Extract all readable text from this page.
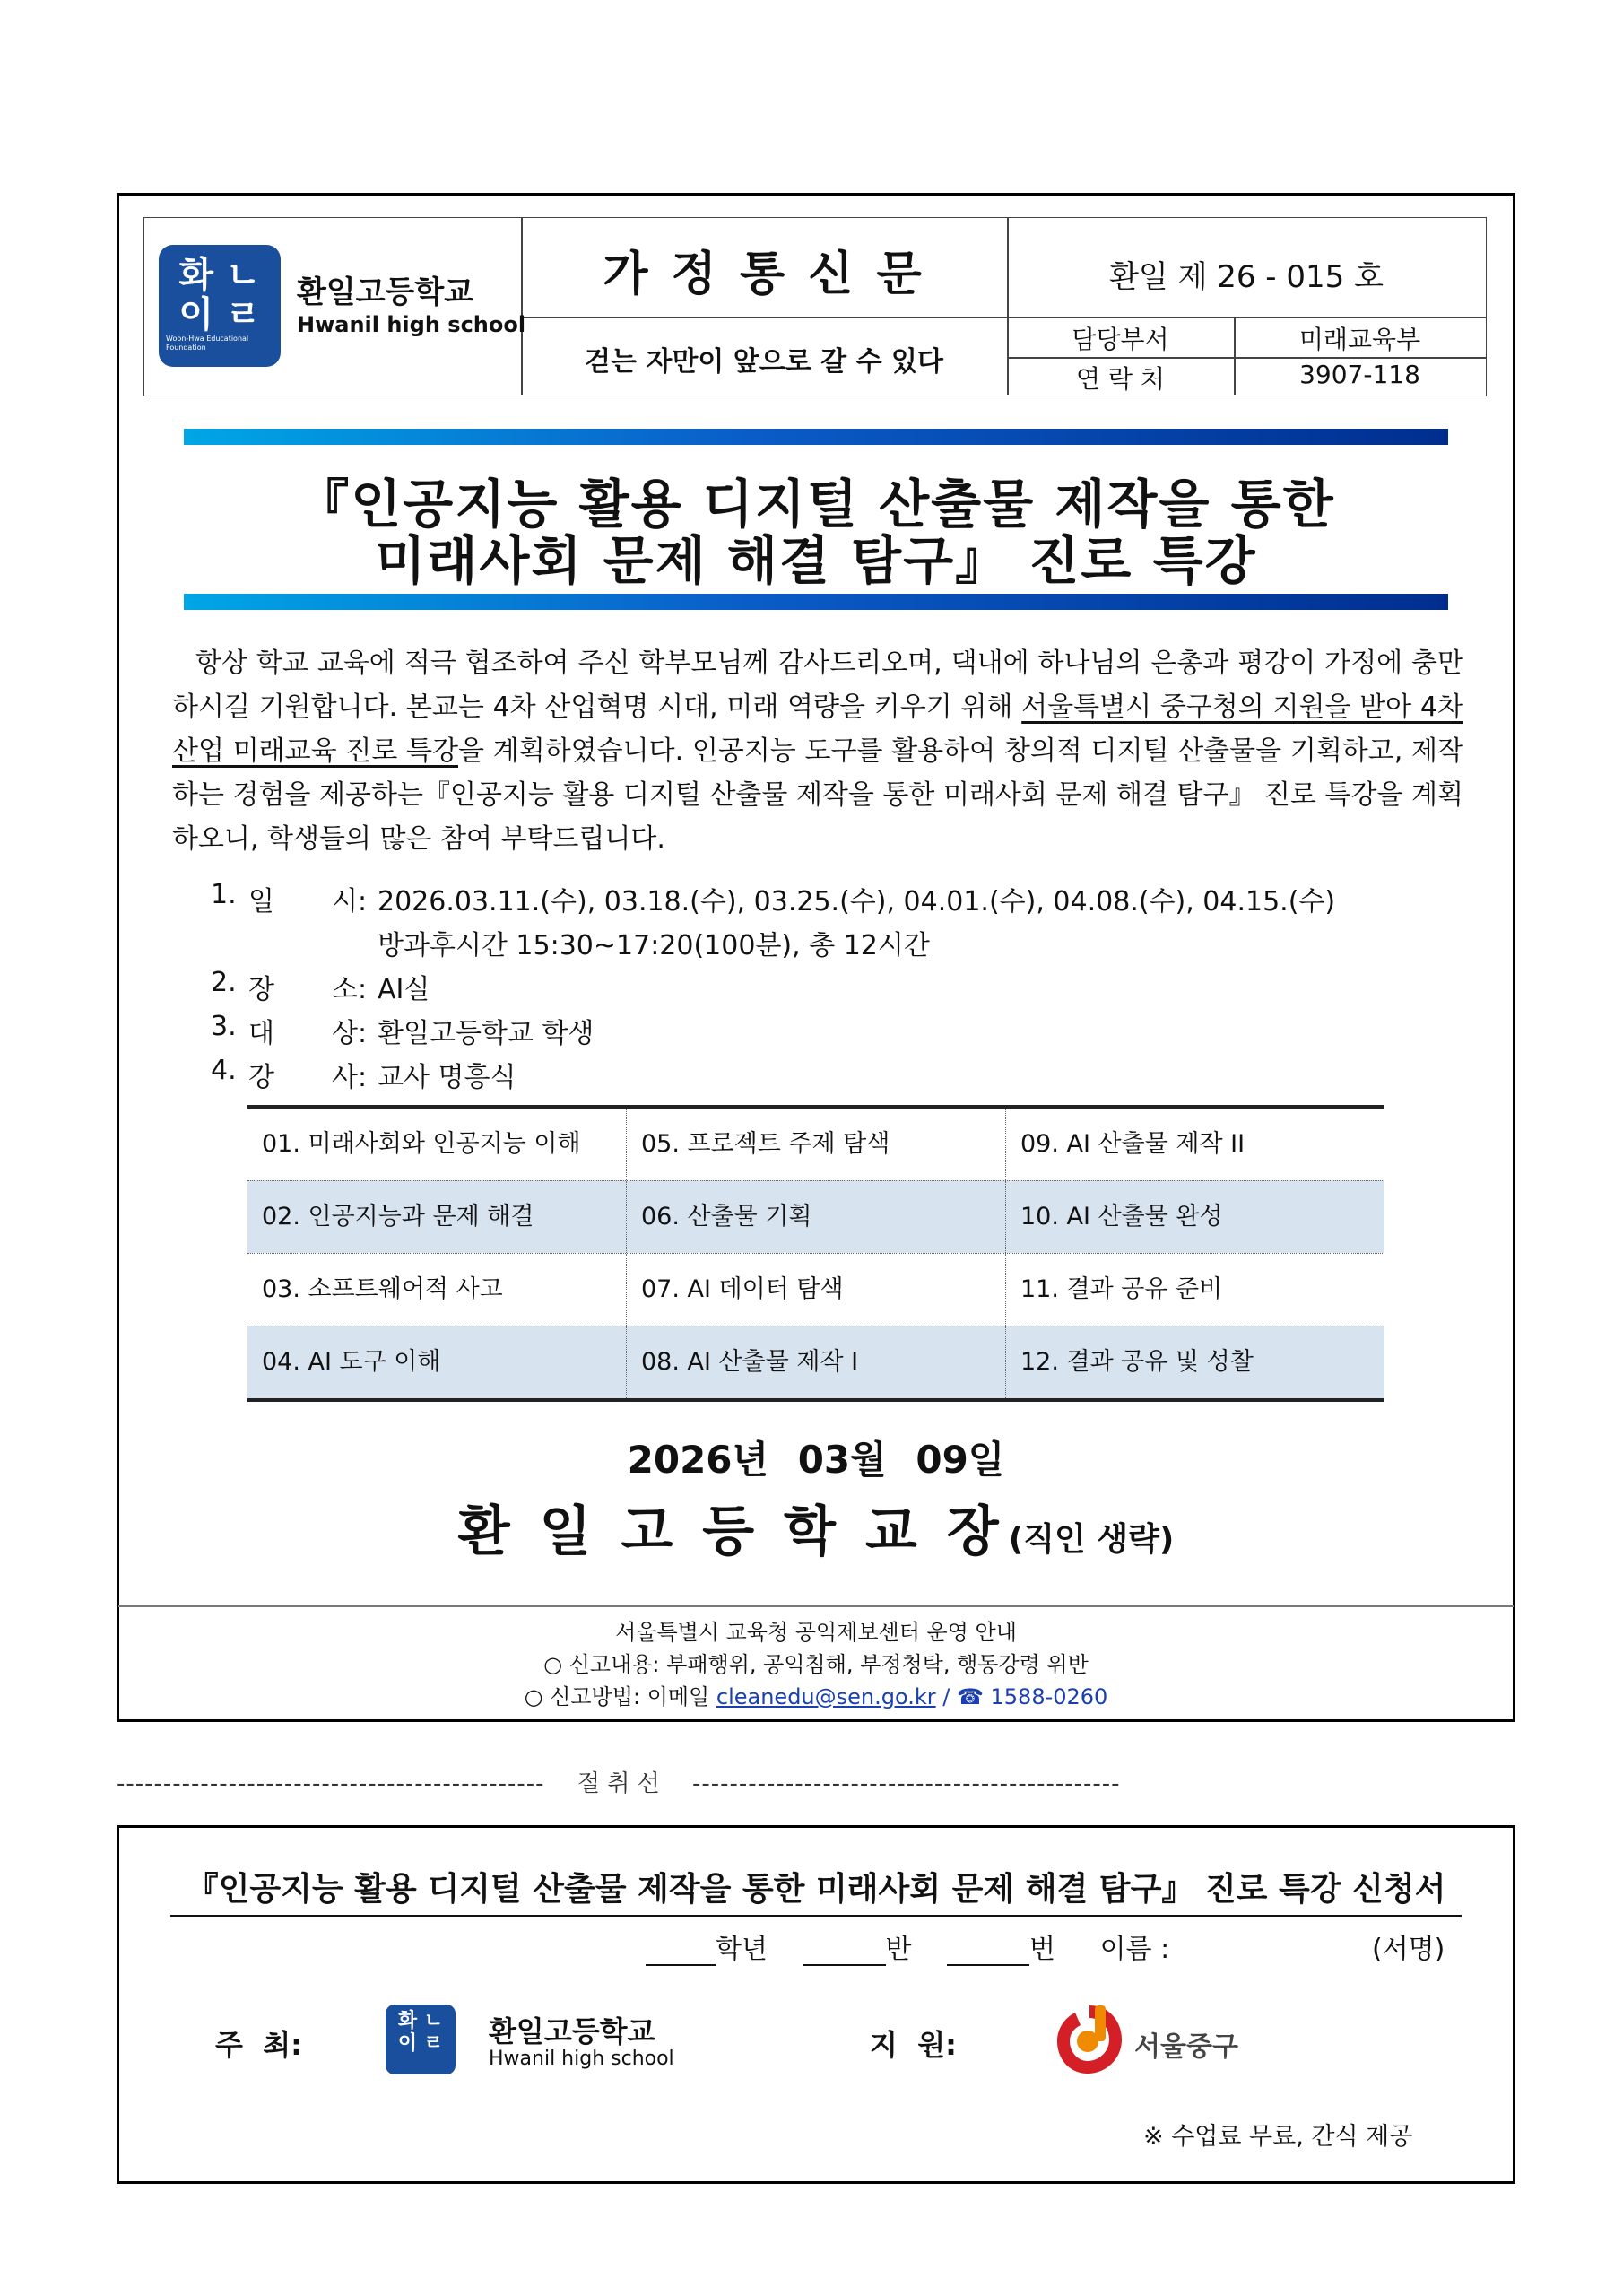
화 ㄴ
이 ㄹ
Woon-Hwa Educational Foundation
환일고등학교
Hwanil high school
가 정 통 신 문
걷는 자만이 앞으로 갈 수 있다
환일 제 26 - 015 호
담당부서	미래교육부
연 락 처	3907-118
『인공지능 활용 디지털 산출물 제작을 통한
미래사회 문제 해결 탐구』 진로 특강
항상 학교 교육에 적극 협조하여 주신 학부모님께 감사드리오며, 댁내에 하나님의 은총과 평강이 가정에 충만하시길 기원합니다. 본교는 4차 산업혁명 시대, 미래 역량을 키우기 위해 서울특별시 중구청의 지원을 받아 4차 산업 미래교육 진로 특강을 계획하였습니다. 인공지능 도구를 활용하여 창의적 디지털 산출물을 기획하고, 제작하는 경험을 제공하는『인공지능 활용 디지털 산출물 제작을 통한 미래사회 문제 해결 탐구』 진로 특강을 계획하오니, 학생들의 많은 참여 부탁드립니다.
1. 일 시: 2026.03.11.(수), 03.18.(수), 03.25.(수), 04.01.(수), 04.08.(수), 04.15.(수)
방과후시간 15:30~17:20(100분), 총 12시간
2. 장 소: AI실
3. 대 상: 환일고등학교 학생
4. 강 사: 교사 명흥식
01. 미래사회와 인공지능 이해	05. 프로젝트 주제 탐색	09. AI 산출물 제작 II
02. 인공지능과 문제 해결	06. 산출물 기획	10. AI 산출물 완성
03. 소프트웨어적 사고	07. AI 데이터 탐색	11. 결과 공유 준비
04. AI 도구 이해	08. AI 산출물 제작 I	12. 결과 공유 및 성찰
2026년 03월 09일
환 일 고 등 학 교 장 (직인 생략)
서울특별시 교육청 공익제보센터 운영 안내
○ 신고내용: 부패행위, 공익침해, 부정청탁, 행동강령 위반
○ 신고방법: 이메일 cleanedu@sen.go.kr / ☎ 1588-0260
---------------------------------------------- 절 취 선 ----------------------------------------------
『인공지능 활용 디지털 산출물 제작을 통한 미래사회 문제 해결 탐구』 진로 특강 신청서
학년	반	번 이름 :	(서명)
주  최:
화 ㄴ
이 ㄹ	환일고등학교
Hwanil high school	지  원:	서울중구
※ 수업료 무료, 간식 제공
